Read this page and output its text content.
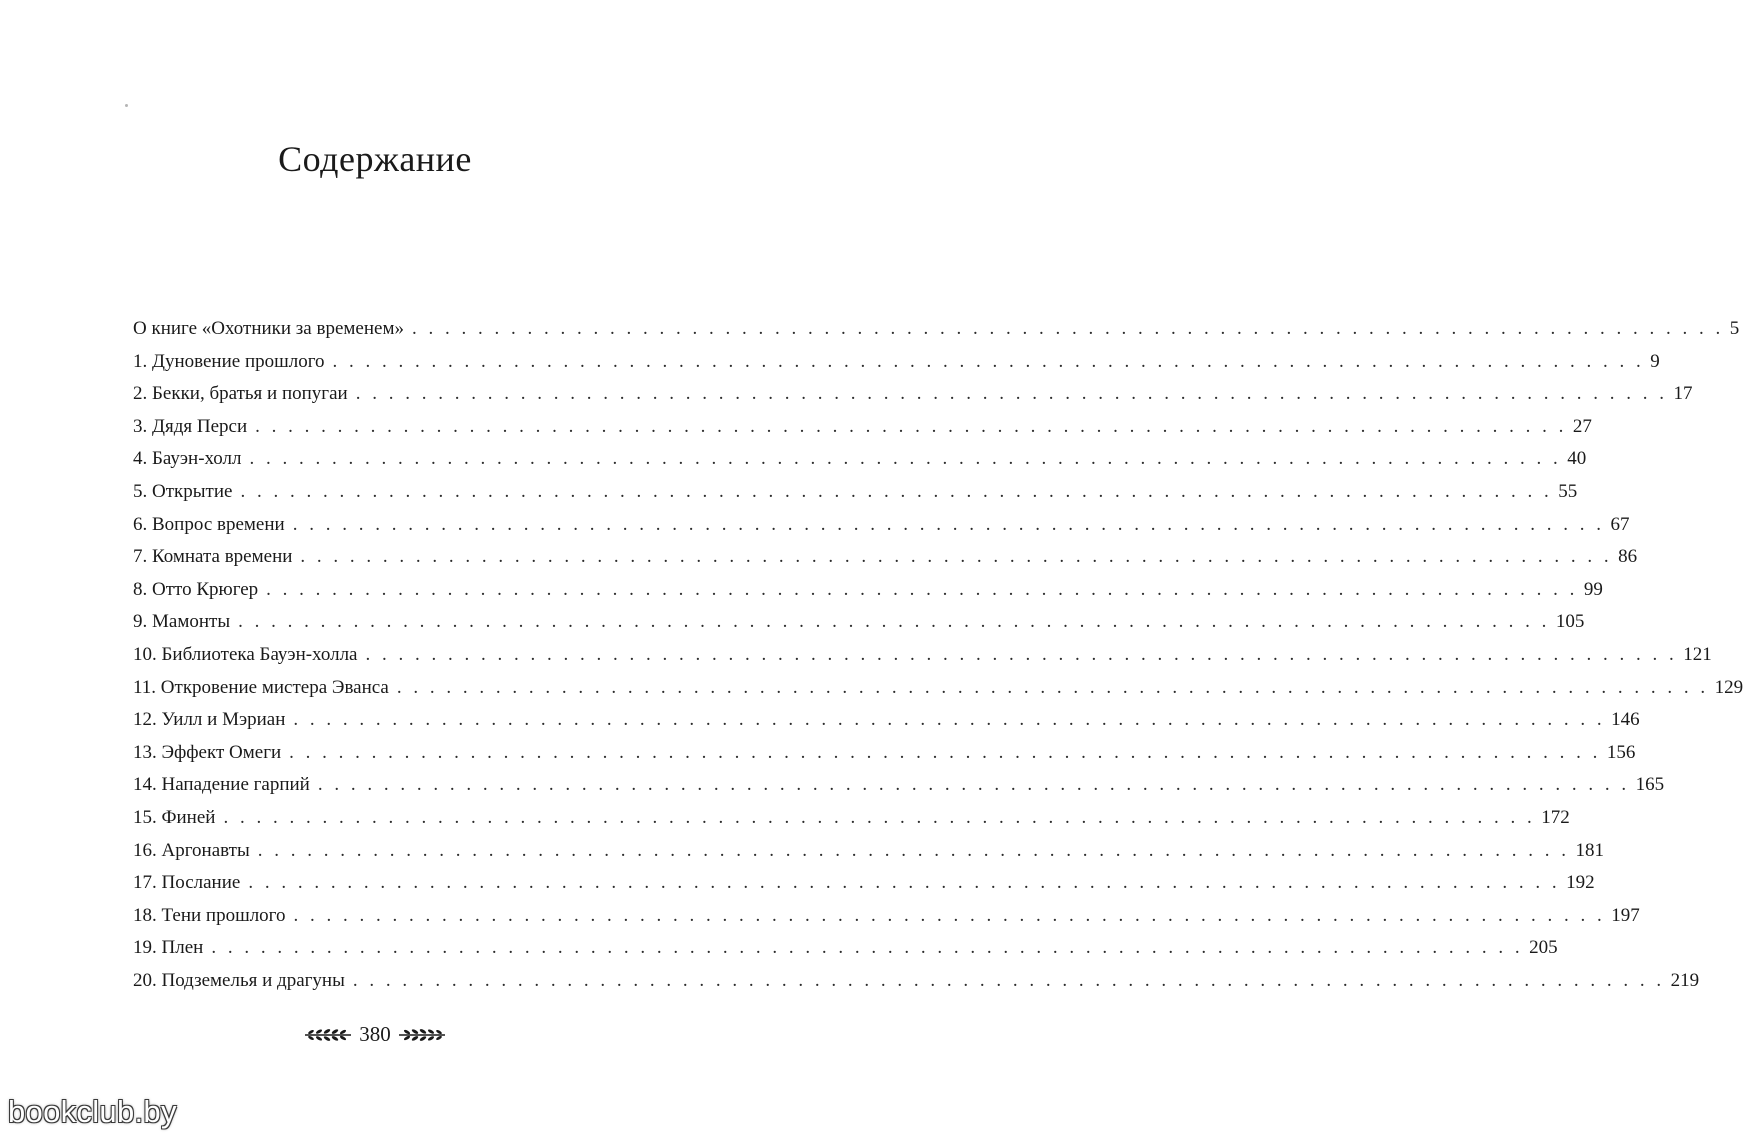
Содержание
О книге «Охотники за временем» . . . . . . . . . . . . . . . . . . . . . . . . . . . . . . . . . . . . . . . . . . . . . . . . . . . . . . . . . . . . . . . . . . . . . . . . . . . . . . . . 5
1. Дуновение прошлого . . . . . . . . . . . . . . . . . . . . . . . . . . . . . . . . . . . . . . . . . . . . . . . . . . . . . . . . . . . . . . . . . . . . . . . . . . . . . . . . 9
2. Бекки, братья и попугаи . . . . . . . . . . . . . . . . . . . . . . . . . . . . . . . . . . . . . . . . . . . . . . . . . . . . . . . . . . . . . . . . . . . . . . . . . . . . . . . . 17
3. Дядя Перси . . . . . . . . . . . . . . . . . . . . . . . . . . . . . . . . . . . . . . . . . . . . . . . . . . . . . . . . . . . . . . . . . . . . . . . . . . . . . . . . 27
4. Бауэн-холл . . . . . . . . . . . . . . . . . . . . . . . . . . . . . . . . . . . . . . . . . . . . . . . . . . . . . . . . . . . . . . . . . . . . . . . . . . . . . . . . 40
5. Открытие . . . . . . . . . . . . . . . . . . . . . . . . . . . . . . . . . . . . . . . . . . . . . . . . . . . . . . . . . . . . . . . . . . . . . . . . . . . . . . . . 55
6. Вопрос времени . . . . . . . . . . . . . . . . . . . . . . . . . . . . . . . . . . . . . . . . . . . . . . . . . . . . . . . . . . . . . . . . . . . . . . . . . . . . . . . . 67
7. Комната времени . . . . . . . . . . . . . . . . . . . . . . . . . . . . . . . . . . . . . . . . . . . . . . . . . . . . . . . . . . . . . . . . . . . . . . . . . . . . . . . . 86
8. Отто Крюгер . . . . . . . . . . . . . . . . . . . . . . . . . . . . . . . . . . . . . . . . . . . . . . . . . . . . . . . . . . . . . . . . . . . . . . . . . . . . . . . . 99
9. Мамонты . . . . . . . . . . . . . . . . . . . . . . . . . . . . . . . . . . . . . . . . . . . . . . . . . . . . . . . . . . . . . . . . . . . . . . . . . . . . . . . . 105
10. Библиотека Бауэн-холла . . . . . . . . . . . . . . . . . . . . . . . . . . . . . . . . . . . . . . . . . . . . . . . . . . . . . . . . . . . . . . . . . . . . . . . . . . . . . . . . 121
11. Откровение мистера Эванса . . . . . . . . . . . . . . . . . . . . . . . . . . . . . . . . . . . . . . . . . . . . . . . . . . . . . . . . . . . . . . . . . . . . . . . . . . . . . . . . 129
12. Уилл и Мэриан . . . . . . . . . . . . . . . . . . . . . . . . . . . . . . . . . . . . . . . . . . . . . . . . . . . . . . . . . . . . . . . . . . . . . . . . . . . . . . . . 146
13. Эффект Омеги . . . . . . . . . . . . . . . . . . . . . . . . . . . . . . . . . . . . . . . . . . . . . . . . . . . . . . . . . . . . . . . . . . . . . . . . . . . . . . . . 156
14. Нападение гарпий . . . . . . . . . . . . . . . . . . . . . . . . . . . . . . . . . . . . . . . . . . . . . . . . . . . . . . . . . . . . . . . . . . . . . . . . . . . . . . . . 165
15. Финей . . . . . . . . . . . . . . . . . . . . . . . . . . . . . . . . . . . . . . . . . . . . . . . . . . . . . . . . . . . . . . . . . . . . . . . . . . . . . . . . 172
16. Аргонавты . . . . . . . . . . . . . . . . . . . . . . . . . . . . . . . . . . . . . . . . . . . . . . . . . . . . . . . . . . . . . . . . . . . . . . . . . . . . . . . . 181
17. Послание . . . . . . . . . . . . . . . . . . . . . . . . . . . . . . . . . . . . . . . . . . . . . . . . . . . . . . . . . . . . . . . . . . . . . . . . . . . . . . . . 192
18. Тени прошлого . . . . . . . . . . . . . . . . . . . . . . . . . . . . . . . . . . . . . . . . . . . . . . . . . . . . . . . . . . . . . . . . . . . . . . . . . . . . . . . . 197
19. Плен . . . . . . . . . . . . . . . . . . . . . . . . . . . . . . . . . . . . . . . . . . . . . . . . . . . . . . . . . . . . . . . . . . . . . . . . . . . . . . . . 205
20. Подземелья и драгуны . . . . . . . . . . . . . . . . . . . . . . . . . . . . . . . . . . . . . . . . . . . . . . . . . . . . . . . . . . . . . . . . . . . . . . . . . . . . . . . . 219
380
bookclub.by
